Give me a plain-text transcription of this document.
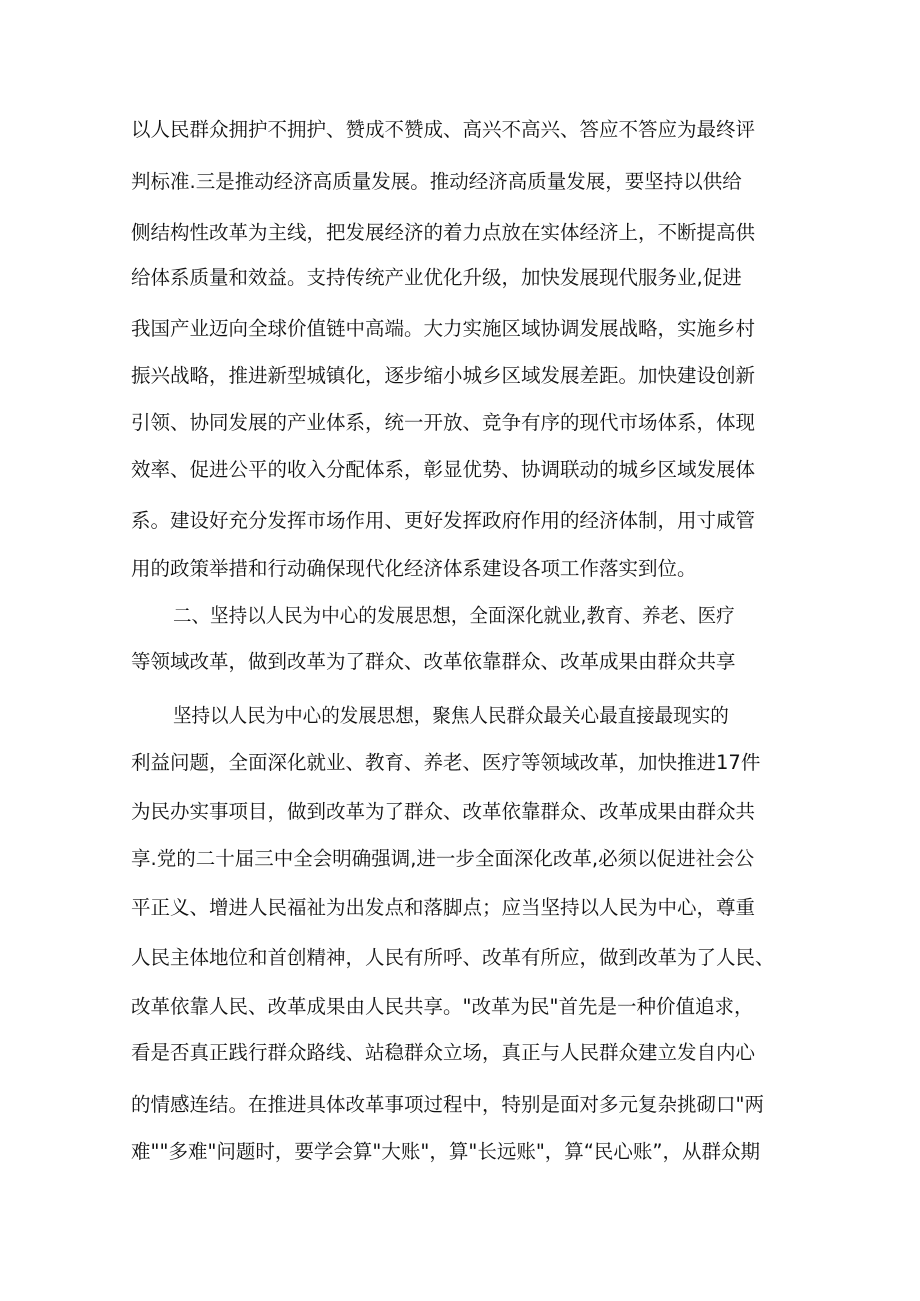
以人民群众拥护不拥护、赞成不赞成、高兴不高兴、答应不答应为最终评
判标准.三是推动经济高质量发展。推动经济高质量发展，要坚持以供给
侧结构性改革为主线，把发展经济的着力点放在实体经济上，不断提高供
给体系质量和效益。支持传统产业优化升级，加快发展现代服务业,促进
我国产业迈向全球价值链中高端。大力实施区域协调发展战略，实施乡村
振兴战略，推进新型城镇化，逐步缩小城乡区域发展差距。加快建设创新
引领、协同发展的产业体系，统一开放、竞争有序的现代市场体系，体现
效率、促进公平的收入分配体系，彰显优势、协调联动的城乡区域发展体
系。建设好充分发挥市场作用、更好发挥政府作用的经济体制，用寸咸管
用的政策举措和行动确保现代化经济体系建设各项工作落实到位。
二、坚持以人民为中心的发展思想，全面深化就业,教育、养老、医疗
等领域改革，做到改革为了群众、改革依靠群众、改革成果由群众共享
坚持以人民为中心的发展思想，聚焦人民群众最关心最直接最现实的
利益问题，全面深化就业、教育、养老、医疗等领域改革，加快推进17件
为民办实事项目，做到改革为了群众、改革依靠群众、改革成果由群众共
享.党的二十届三中全会明确强调,进一步全面深化改革,必须以促进社会公
平正义、增进人民福祉为出发点和落脚点；应当坚持以人民为中心，尊重
人民主体地位和首创精神，人民有所呼、改革有所应，做到改革为了人民、
改革依靠人民、改革成果由人民共享。"改革为民"首先是一种价值追求，
看是否真正践行群众路线、站稳群众立场，真正与人民群众建立发自内心
的情感连结。在推进具体改革事项过程中，特别是面对多元复杂挑砌口"两
难""多难"问题时，要学会算"大账"，算"长远账"，算“民心账”，从群众期
